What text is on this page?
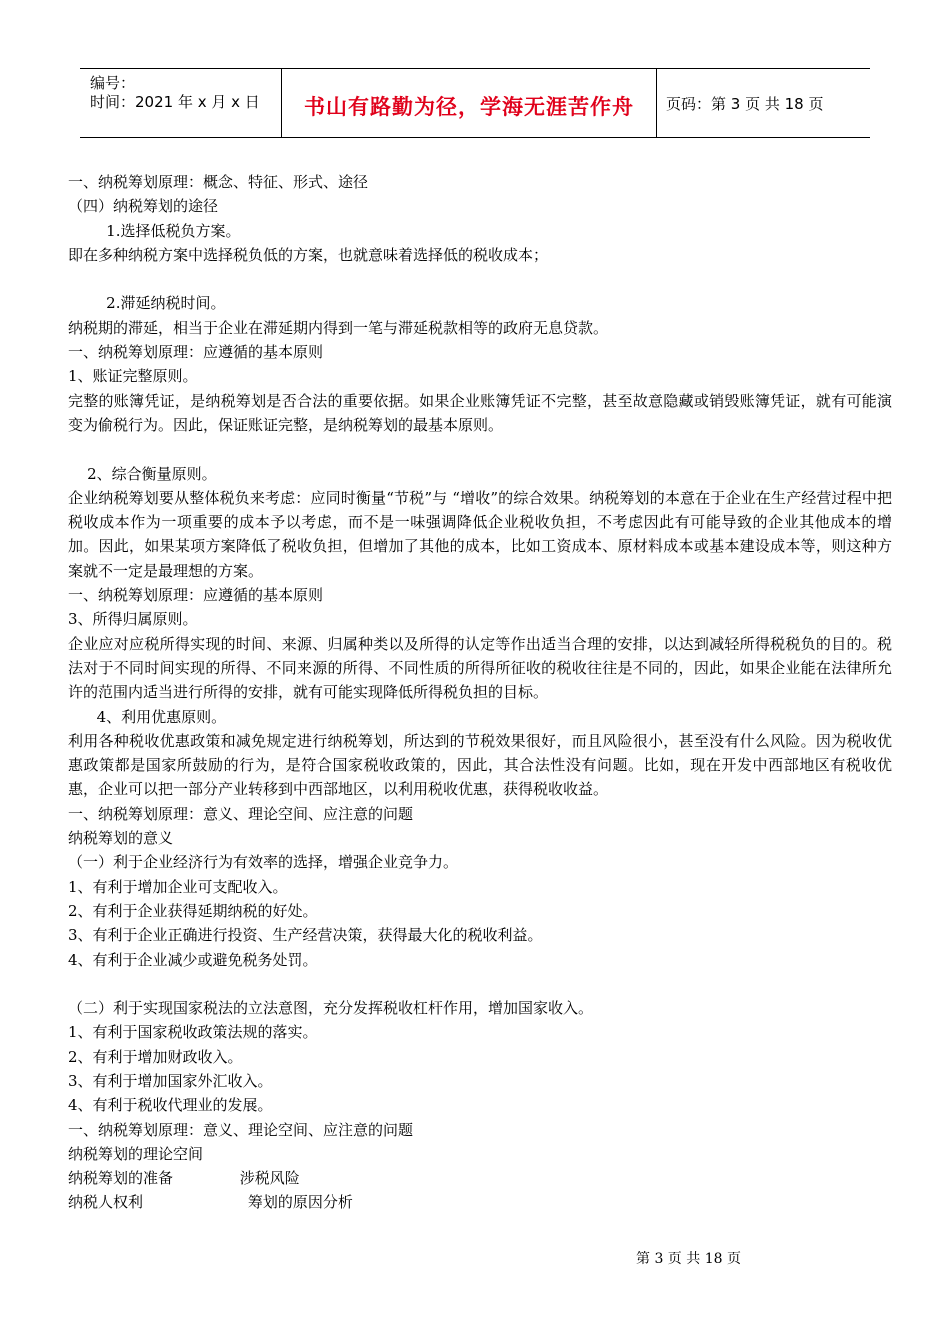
编号：
时间：2021 年 x 月 x 日	书山有路勤为径，学海无涯苦作舟	页码：第 3 页 共 18 页
一、纳税筹划原理：概念、特征、形式、途径
（四）纳税筹划的途径
1.选择低税负方案。
即在多种纳税方案中选择税负低的方案，也就意味着选择低的税收成本；
2.滞延纳税时间。
纳税期的滞延，相当于企业在滞延期内得到一笔与滞延税款相等的政府无息贷款。
一、纳税筹划原理：应遵循的基本原则
1、账证完整原则。
完整的账簿凭证，是纳税筹划是否合法的重要依据。如果企业账簿凭证不完整，甚至故意隐藏或销毁账簿凭证，就有可能演变为偷税行为。因此，保证账证完整，是纳税筹划的最基本原则。
2、综合衡量原则。
企业纳税筹划要从整体税负来考虑：应同时衡量“节税”与 “增收”的综合效果。纳税筹划的本意在于企业在生产经营过程中把税收成本作为一项重要的成本予以考虑，而不是一味强调降低企业税收负担，不考虑因此有可能导致的企业其他成本的增加。因此，如果某项方案降低了税收负担，但增加了其他的成本，比如工资成本、原材料成本或基本建设成本等，则这种方案就不一定是最理想的方案。
一、纳税筹划原理：应遵循的基本原则
3、所得归属原则。
企业应对应税所得实现的时间、来源、归属种类以及所得的认定等作出适当合理的安排，以达到减轻所得税税负的目的。税法对于不同时间实现的所得、不同来源的所得、不同性质的所得所征收的税收往往是不同的，因此，如果企业能在法律所允许的范围内适当进行所得的安排，就有可能实现降低所得税负担的目标。
4、利用优惠原则。
利用各种税收优惠政策和减免规定进行纳税筹划，所达到的节税效果很好，而且风险很小，甚至没有什么风险。因为税收优惠政策都是国家所鼓励的行为，是符合国家税收政策的，因此，其合法性没有问题。比如，现在开发中西部地区有税收优惠，企业可以把一部分产业转移到中西部地区，以利用税收优惠，获得税收收益。
一、纳税筹划原理：意义、理论空间、应注意的问题
纳税筹划的意义
（一）利于企业经济行为有效率的选择，增强企业竞争力。
1、有利于增加企业可支配收入。
2、有利于企业获得延期纳税的好处。
3、有利于企业正确进行投资、生产经营决策，获得最大化的税收利益。
4、有利于企业减少或避免税务处罚。
（二）利于实现国家税法的立法意图，充分发挥税收杠杆作用，增加国家收入。
1、有利于国家税收政策法规的落实。
2、有利于增加财政收入。
3、有利于增加国家外汇收入。
4、有利于税收代理业的发展。
一、纳税筹划原理：意义、理论空间、应注意的问题
纳税筹划的理论空间
纳税筹划的准备              涉税风险
纳税人权利                      筹划的原因分析
第 3 页 共 18 页
